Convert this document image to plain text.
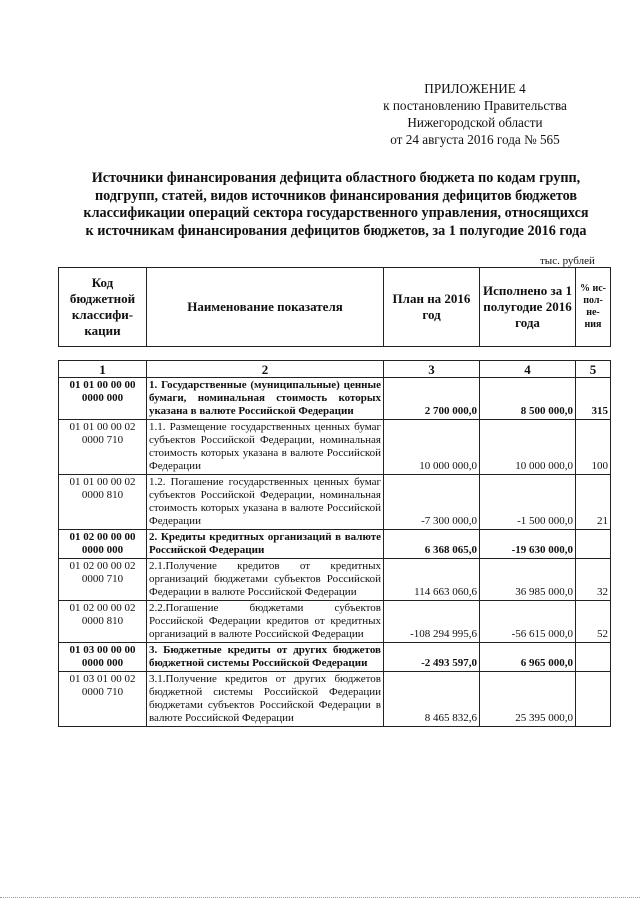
ПРИЛОЖЕНИЕ 4
к постановлению Правительства
Нижегородской области
от 24 августа 2016 года № 565
Источники финансирования дефицита областного бюджета по кодам групп,
подгрупп, статей, видов источников финансирования дефицитов бюджетов
классификации операций сектора государственного управления, относящихся
к источникам финансирования дефицитов бюджетов, за 1 полугодие 2016 года
тыс. рублей
Код бюджетной классифи-кации	Наименование показателя	План на 2016 год	Исполнено за 1 полугодие 2016 года	% ис-пол-не-ния
1	2	3	4	5
01 01 00 00 00 0000 000	1. Государственные (муниципальные) ценные бумаги, номинальная стоимость которых указана в валюте Российской Федерации	2 700 000,0	8 500 000,0	315
01 01 00 00 02 0000 710	1.1. Размещение государственных ценных бумаг субъектов Российской Федерации, номинальная стоимость которых указана в валюте Российской Федерации	10 000 000,0	10 000 000,0	100
01 01 00 00 02 0000 810	1.2. Погашение государственных ценных бумаг субъектов Российской Федерации, номинальная стоимость которых указана в валюте Российской Федерации	-7 300 000,0	-1 500 000,0	21
01 02 00 00 00 0000 000	2. Кредиты кредитных организаций в валюте Российской Федерации	6 368 065,0	-19 630 000,0	
01 02 00 00 02 0000 710	2.1.Получение кредитов от кредитных организаций бюджетами субъектов Российской Федерации в валюте Российской Федерации	114 663 060,6	36 985 000,0	32
01 02 00 00 02 0000 810	2.2.Погашение бюджетами субъектов Российской Федерации кредитов от кредитных организаций в валюте Российской Федерации	-108 294 995,6	-56 615 000,0	52
01 03 00 00 00 0000 000	3. Бюджетные кредиты от других бюджетов бюджетной системы Российской Федерации	-2 493 597,0	6 965 000,0	
01 03 01 00 02 0000 710	3.1.Получение кредитов от других бюджетов бюджетной системы Российской Федерации бюджетами субъектов Российской Федерации в валюте Российской Федерации	8 465 832,6	25 395 000,0	
